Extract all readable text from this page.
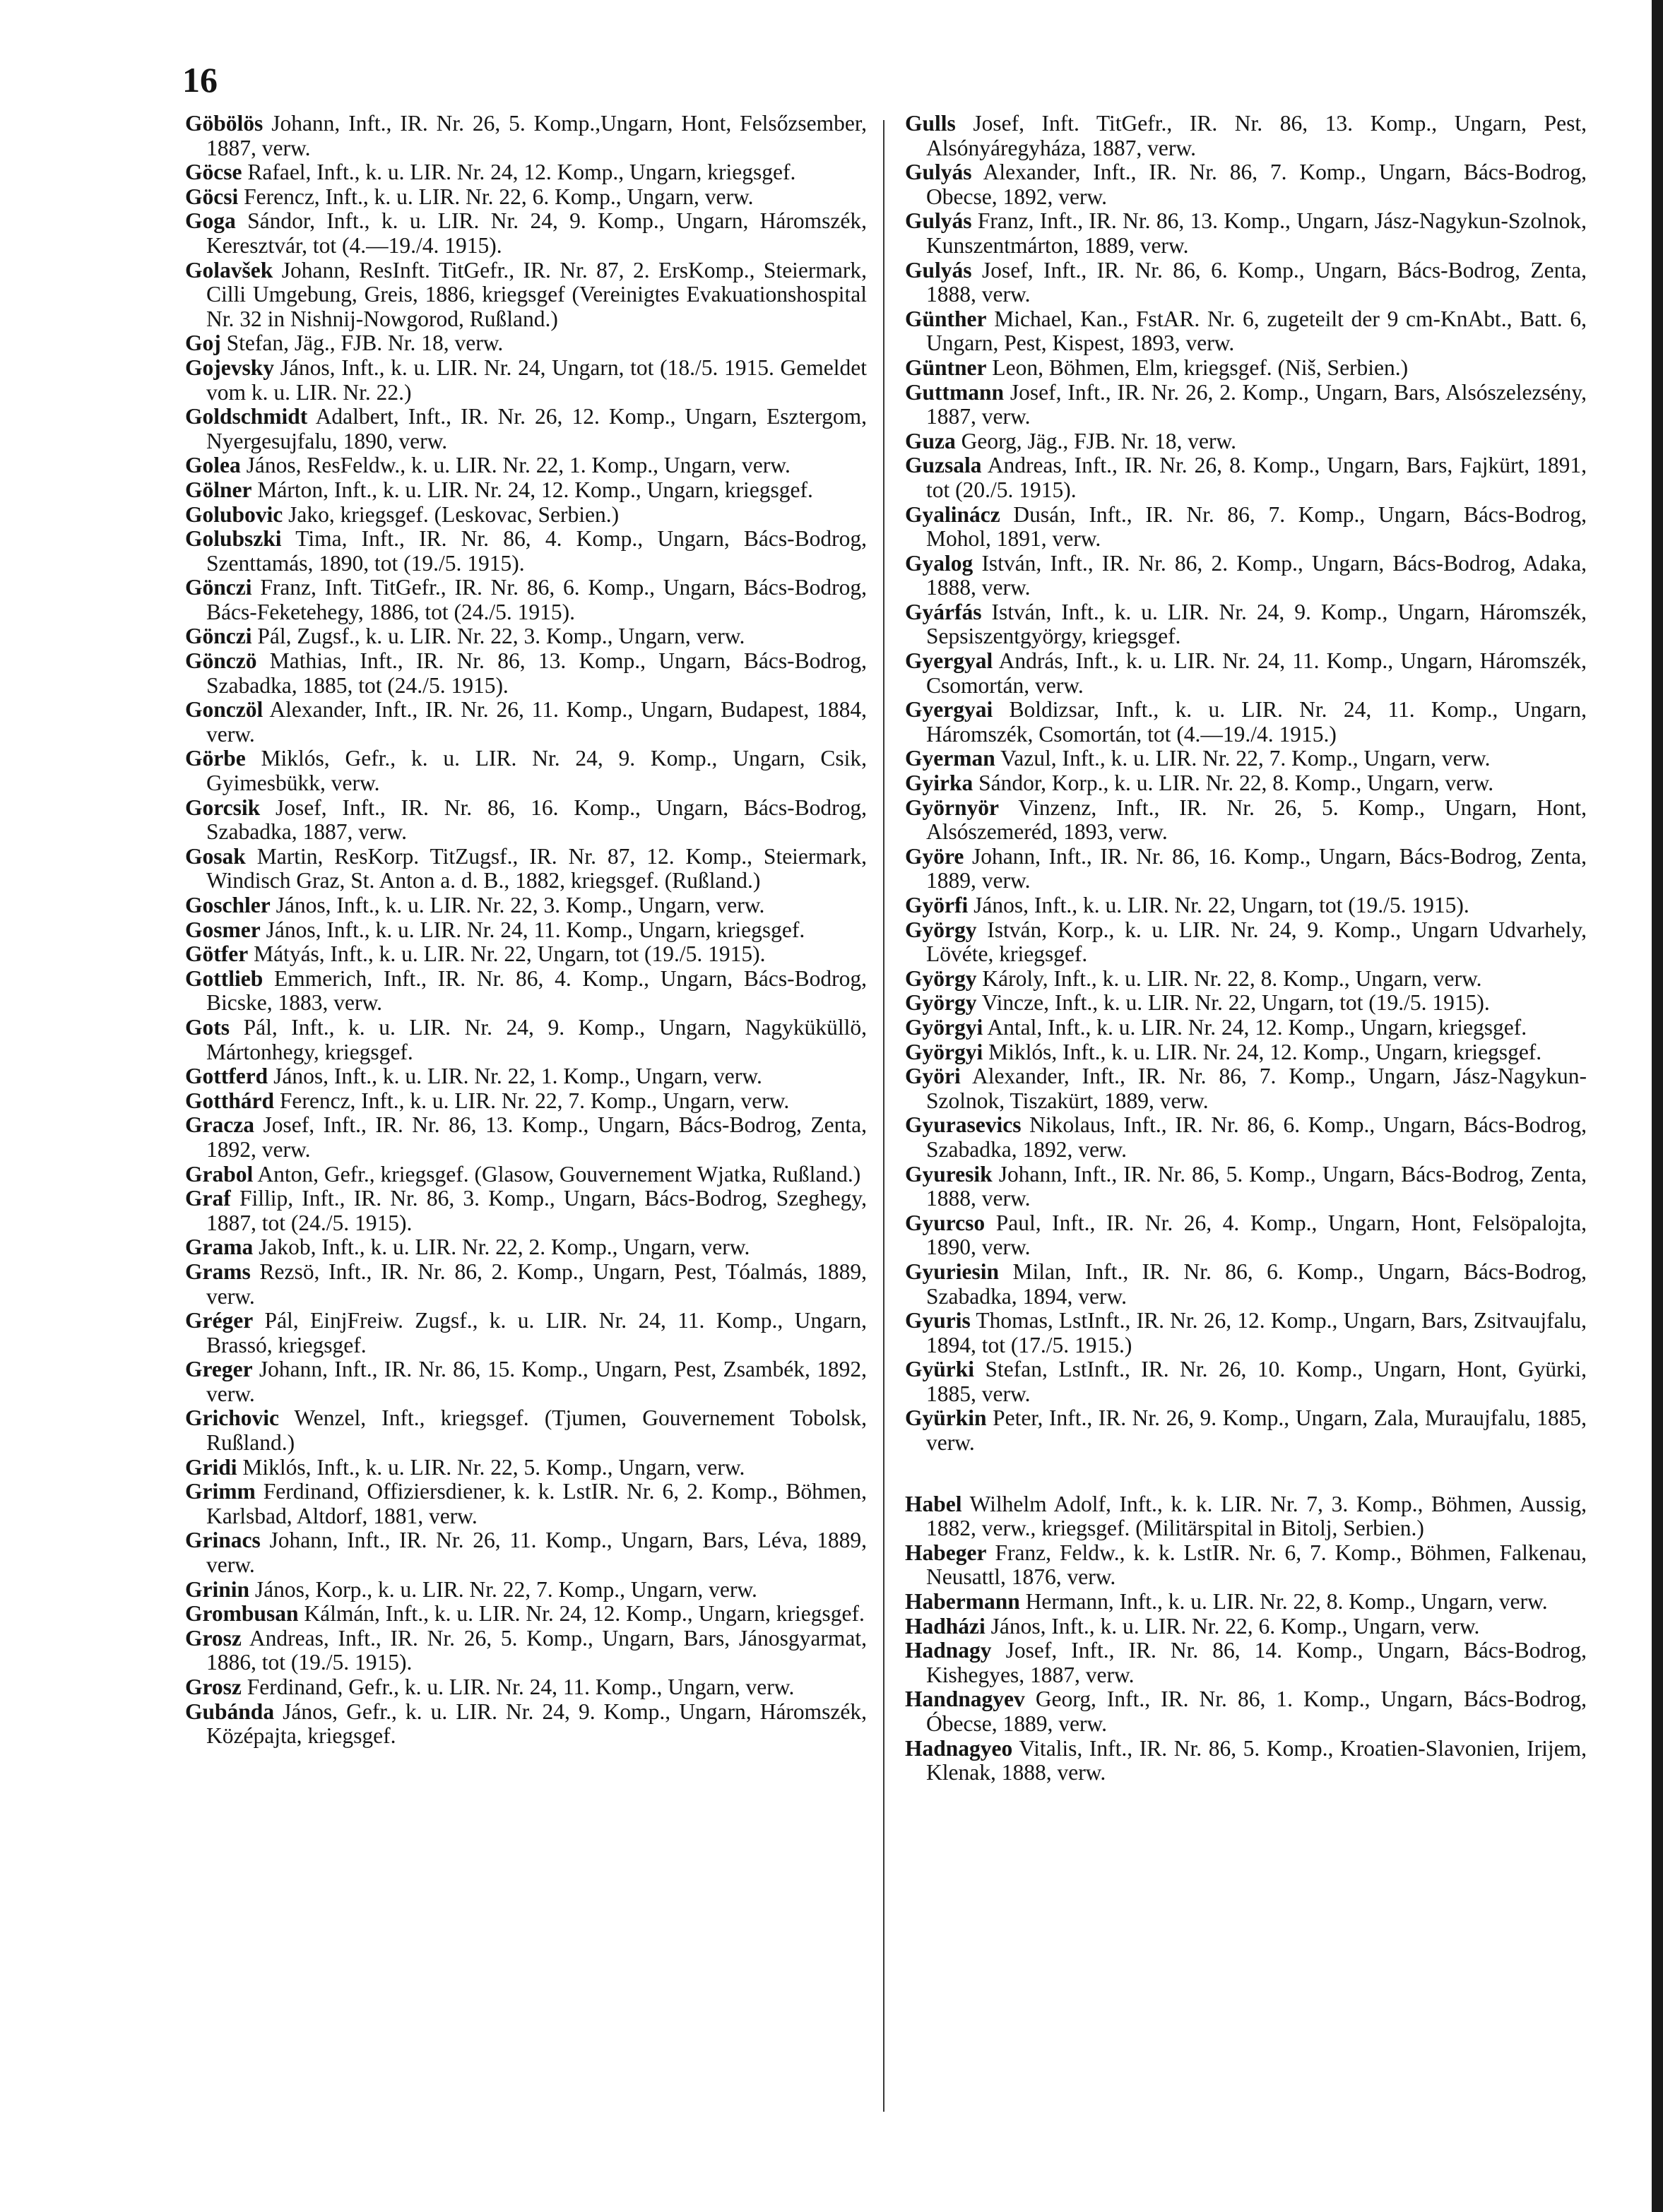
16

Göbölös Johann, Inft., IR. Nr. 26, 5. Komp.,Ungarn, Hont, Felsőzsember, 1887, verw.

Göcse Rafael, Inft., k. u. LIR. Nr. 24, 12. Komp., Ungarn, kriegsgef.

Göcsi Ferencz, Inft., k. u. LIR. Nr. 22, 6. Komp., Ungarn, verw.

Goga Sándor, Inft., k. u. LIR. Nr. 24, 9. Komp., Ungarn, Háromszék, Keresztvár, tot (4.—19./4. 1915).

Golavšek Johann, ResInft. TitGefr., IR. Nr. 87, 2. ErsKomp., Steiermark, Cilli Umgebung, Greis, 1886, kriegsgef (Vereinigtes Evakuationshospital Nr. 32 in Nishnij-Nowgorod, Rußland.)

Goj Stefan, Jäg., FJB. Nr. 18, verw.

Gojevsky János, Inft., k. u. LIR. Nr. 24, Ungarn, tot (18./5. 1915. Gemeldet vom k. u. LIR. Nr. 22.)

Goldschmidt Adalbert, Inft., IR. Nr. 26, 12. Komp., Ungarn, Esztergom, Nyergesujfalu, 1890, verw.

Golea János, ResFeldw., k. u. LIR. Nr. 22, 1. Komp., Ungarn, verw.

Gölner Márton, Inft., k. u. LIR. Nr. 24, 12. Komp., Ungarn, kriegsgef.

Golubovic Jako, kriegsgef. (Leskovac, Serbien.)

Golubszki Tima, Inft., IR. Nr. 86, 4. Komp., Ungarn, Bács-Bodrog, Szenttamás, 1890, tot (19./5. 1915).

Gönczi Franz, Inft. TitGefr., IR. Nr. 86, 6. Komp., Ungarn, Bács-Bodrog, Bács-Feketehegy, 1886, tot (24./5. 1915).

Gönczi Pál, Zugsf., k. u. LIR. Nr. 22, 3. Komp., Ungarn, verw.

Gönczö Mathias, Inft., IR. Nr. 86, 13. Komp., Ungarn, Bács-Bodrog, Szabadka, 1885, tot (24./5. 1915).

Gonczöl Alexander, Inft., IR. Nr. 26, 11. Komp., Ungarn, Budapest, 1884, verw.

Görbe Miklós, Gefr., k. u. LIR. Nr. 24, 9. Komp., Ungarn, Csik, Gyimesbükk, verw.

Gorcsik Josef, Inft., IR. Nr. 86, 16. Komp., Ungarn, Bács-Bodrog, Szabadka, 1887, verw.

Gosak Martin, ResKorp. TitZugsf., IR. Nr. 87, 12. Komp., Steiermark, Windisch Graz, St. Anton a. d. B., 1882, kriegsgef. (Rußland.)

Goschler János, Inft., k. u. LIR. Nr. 22, 3. Komp., Ungarn, verw.

Gosmer János, Inft., k. u. LIR. Nr. 24, 11. Komp., Ungarn, kriegsgef.

Götfer Mátyás, Inft., k. u. LIR. Nr. 22, Ungarn, tot (19./5. 1915).

Gottlieb Emmerich, Inft., IR. Nr. 86, 4. Komp., Ungarn, Bács-Bodrog, Bicske, 1883, verw.

Gots Pál, Inft., k. u. LIR. Nr. 24, 9. Komp., Ungarn, Nagyküküllö, Mártonhegy, kriegsgef.

Gottferd János, Inft., k. u. LIR. Nr. 22, 1. Komp., Ungarn, verw.

Gotthárd Ferencz, Inft., k. u. LIR. Nr. 22, 7. Komp., Ungarn, verw.

Gracza Josef, Inft., IR. Nr. 86, 13. Komp., Ungarn, Bács-Bodrog, Zenta, 1892, verw.

Grabol Anton, Gefr., kriegsgef. (Glasow, Gouvernement Wjatka, Rußland.)

Graf Fillip, Inft., IR. Nr. 86, 3. Komp., Ungarn, Bács-Bodrog, Szeghegy, 1887, tot (24./5. 1915).

Grama Jakob, Inft., k. u. LIR. Nr. 22, 2. Komp., Ungarn, verw.

Grams Rezsö, Inft., IR. Nr. 86, 2. Komp., Ungarn, Pest, Tóalmás, 1889, verw.

Gréger Pál, EinjFreiw. Zugsf., k. u. LIR. Nr. 24, 11. Komp., Ungarn, Brassó, kriegsgef.

Greger Johann, Inft., IR. Nr. 86, 15. Komp., Ungarn, Pest, Zsambék, 1892, verw.

Grichovic Wenzel, Inft., kriegsgef. (Tjumen, Gouvernement Tobolsk, Rußland.)

Gridi Miklós, Inft., k. u. LIR. Nr. 22, 5. Komp., Ungarn, verw.

Grimm Ferdinand, Offiziersdiener, k. k. LstIR. Nr. 6, 2. Komp., Böhmen, Karlsbad, Altdorf, 1881, verw.

Grinacs Johann, Inft., IR. Nr. 26, 11. Komp., Ungarn, Bars, Léva, 1889, verw.

Grinin János, Korp., k. u. LIR. Nr. 22, 7. Komp., Ungarn, verw.

Grombusan Kálmán, Inft., k. u. LIR. Nr. 24, 12. Komp., Ungarn, kriegsgef.

Grosz Andreas, Inft., IR. Nr. 26, 5. Komp., Ungarn, Bars, Jánosgyarmat, 1886, tot (19./5. 1915).

Grosz Ferdinand, Gefr., k. u. LIR. Nr. 24, 11. Komp., Ungarn, verw.

Gubánda János, Gefr., k. u. LIR. Nr. 24, 9. Komp., Ungarn, Háromszék, Középajta, kriegsgef.

Gulls Josef, Inft. TitGefr., IR. Nr. 86, 13. Komp., Ungarn, Pest, Alsónyáregyháza, 1887, verw.

Gulyás Alexander, Inft., IR. Nr. 86, 7. Komp., Ungarn, Bács-Bodrog, Obecse, 1892, verw.

Gulyás Franz, Inft., IR. Nr. 86, 13. Komp., Ungarn, Jász-Nagykun-Szolnok, Kunszentmárton, 1889, verw.

Gulyás Josef, Inft., IR. Nr. 86, 6. Komp., Ungarn, Bács-Bodrog, Zenta, 1888, verw.

Günther Michael, Kan., FstAR. Nr. 6, zugeteilt der 9 cm-KnAbt., Batt. 6, Ungarn, Pest, Kispest, 1893, verw.

Güntner Leon, Böhmen, Elm, kriegsgef. (Niš, Serbien.)

Guttmann Josef, Inft., IR. Nr. 26, 2. Komp., Ungarn, Bars, Alsószelezsény, 1887, verw.

Guza Georg, Jäg., FJB. Nr. 18, verw.

Guzsala Andreas, Inft., IR. Nr. 26, 8. Komp., Ungarn, Bars, Fajkürt, 1891, tot (20./5. 1915).

Gyalinácz Dusán, Inft., IR. Nr. 86, 7. Komp., Ungarn, Bács-Bodrog, Mohol, 1891, verw.

Gyalog István, Inft., IR. Nr. 86, 2. Komp., Ungarn, Bács-Bodrog, Adaka, 1888, verw.

Gyárfás István, Inft., k. u. LIR. Nr. 24, 9. Komp., Ungarn, Háromszék, Sepsiszentgyörgy, kriegsgef.

Gyergyal András, Inft., k. u. LIR. Nr. 24, 11. Komp., Ungarn, Háromszék, Csomortán, verw.

Gyergyai Boldizsar, Inft., k. u. LIR. Nr. 24, 11. Komp., Ungarn, Háromszék, Csomortán, tot (4.—19./4. 1915.)

Gyerman Vazul, Inft., k. u. LIR. Nr. 22, 7. Komp., Ungarn, verw.

Gyirka Sándor, Korp., k. u. LIR. Nr. 22, 8. Komp., Ungarn, verw.

Györnyör Vinzenz, Inft., IR. Nr. 26, 5. Komp., Ungarn, Hont, Alsószemeréd, 1893, verw.

Györe Johann, Inft., IR. Nr. 86, 16. Komp., Ungarn, Bács-Bodrog, Zenta, 1889, verw.

Györfi János, Inft., k. u. LIR. Nr. 22, Ungarn, tot (19./5. 1915).

György István, Korp., k. u. LIR. Nr. 24, 9. Komp., Ungarn Udvarhely, Lövéte, kriegsgef.

György Károly, Inft., k. u. LIR. Nr. 22, 8. Komp., Ungarn, verw.

György Vincze, Inft., k. u. LIR. Nr. 22, Ungarn, tot (19./5. 1915).

Györgyi Antal, Inft., k. u. LIR. Nr. 24, 12. Komp., Ungarn, kriegsgef.

Györgyi Miklós, Inft., k. u. LIR. Nr. 24, 12. Komp., Ungarn, kriegsgef.

Györi Alexander, Inft., IR. Nr. 86, 7. Komp., Ungarn, Jász-Nagykun-Szolnok, Tiszakürt, 1889, verw.

Gyurasevics Nikolaus, Inft., IR. Nr. 86, 6. Komp., Ungarn, Bács-Bodrog, Szabadka, 1892, verw.

Gyuresik Johann, Inft., IR. Nr. 86, 5. Komp., Ungarn, Bács-Bodrog, Zenta, 1888, verw.

Gyurcso Paul, Inft., IR. Nr. 26, 4. Komp., Ungarn, Hont, Felsöpalojta, 1890, verw.

Gyuriesin Milan, Inft., IR. Nr. 86, 6. Komp., Ungarn, Bács-Bodrog, Szabadka, 1894, verw.

Gyuris Thomas, LstInft., IR. Nr. 26, 12. Komp., Ungarn, Bars, Zsitvaujfalu, 1894, tot (17./5. 1915.)

Gyürki Stefan, LstInft., IR. Nr. 26, 10. Komp., Ungarn, Hont, Gyürki, 1885, verw.

Gyürkin Peter, Inft., IR. Nr. 26, 9. Komp., Ungarn, Zala, Muraujfalu, 1885, verw.

Habel Wilhelm Adolf, Inft., k. k. LIR. Nr. 7, 3. Komp., Böhmen, Aussig, 1882, verw., kriegsgef. (Militärspital in Bitolj, Serbien.)

Habeger Franz, Feldw., k. k. LstIR. Nr. 6, 7. Komp., Böhmen, Falkenau, Neusattl, 1876, verw.

Habermann Hermann, Inft., k. u. LIR. Nr. 22, 8. Komp., Ungarn, verw.

Hadházi János, Inft., k. u. LIR. Nr. 22, 6. Komp., Ungarn, verw.

Hadnagy Josef, Inft., IR. Nr. 86, 14. Komp., Ungarn, Bács-Bodrog, Kishegyes, 1887, verw.

Handnagyev Georg, Inft., IR. Nr. 86, 1. Komp., Ungarn, Bács-Bodrog, Óbecse, 1889, verw.

Hadnagyeo Vitalis, Inft., IR. Nr. 86, 5. Komp., Kroatien-Slavonien, Irijem, Klenak, 1888, verw.
